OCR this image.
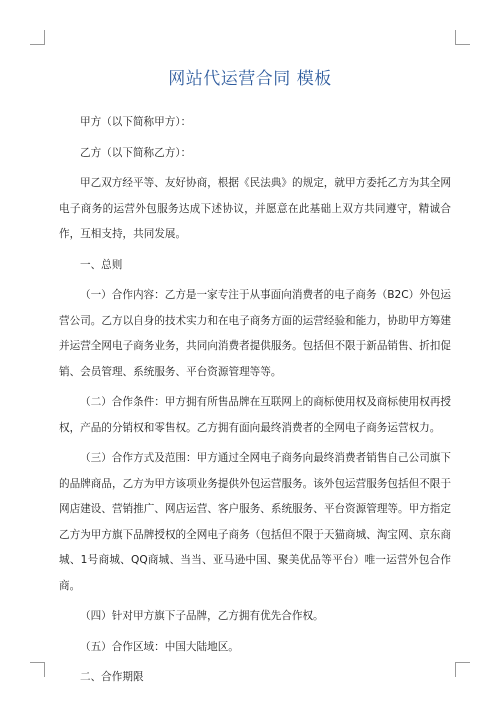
网站代运营合同 模板

甲方（以下简称甲方）：

乙方（以下简称乙方）：

甲乙双方经平等、友好协商，根据《民法典》的规定，就甲方委托乙方为其全网电子商务的运营外包服务达成下述协议，并愿意在此基础上双方共同遵守，精诚合作，互相支持，共同发展。

一、总则

（一）合作内容：乙方是一家专注于从事面向消费者的电子商务（B2C）外包运营公司。乙方以自身的技术实力和在电子商务方面的运营经验和能力，协助甲方筹建并运营全网电子商务业务，共同向消费者提供服务。包括但不限于新品销售、折扣促销、会员管理、系统服务、平台资源管理等等。

（二）合作条件：甲方拥有所售品牌在互联网上的商标使用权及商标使用权再授权，产品的分销权和零售权。乙方拥有面向最终消费者的全网电子商务运营权力。

（三）合作方式及范围：甲方通过全网电子商务向最终消费者销售自己公司旗下的品牌商品，乙方为甲方该项业务提供外包运营服务。该外包运营服务包括但不限于网店建设、营销推广、网店运营、客户服务、系统服务、平台资源管理等。甲方指定乙方为甲方旗下品牌授权的全网电子商务（包括但不限于天猫商城、淘宝网、京东商城、1号商城、QQ商城、当当、亚马逊中国、聚美优品等平台）唯一运营外包合作商。

（四）针对甲方旗下子品牌，乙方拥有优先合作权。

（五）合作区域：中国大陆地区。

二、合作期限
